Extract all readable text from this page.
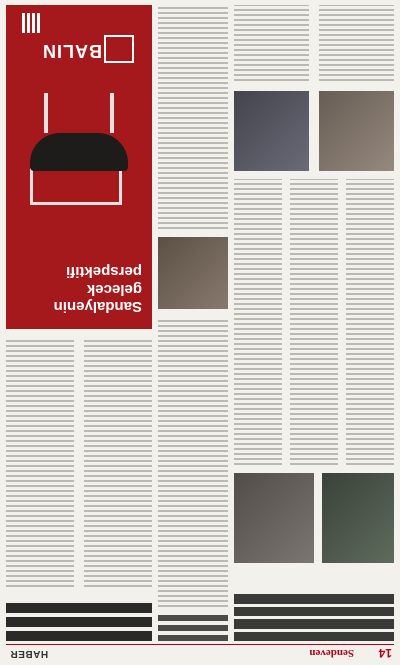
14
Sendeven
HABER
Sandalyenin gelecek perspektifi
BALIN
